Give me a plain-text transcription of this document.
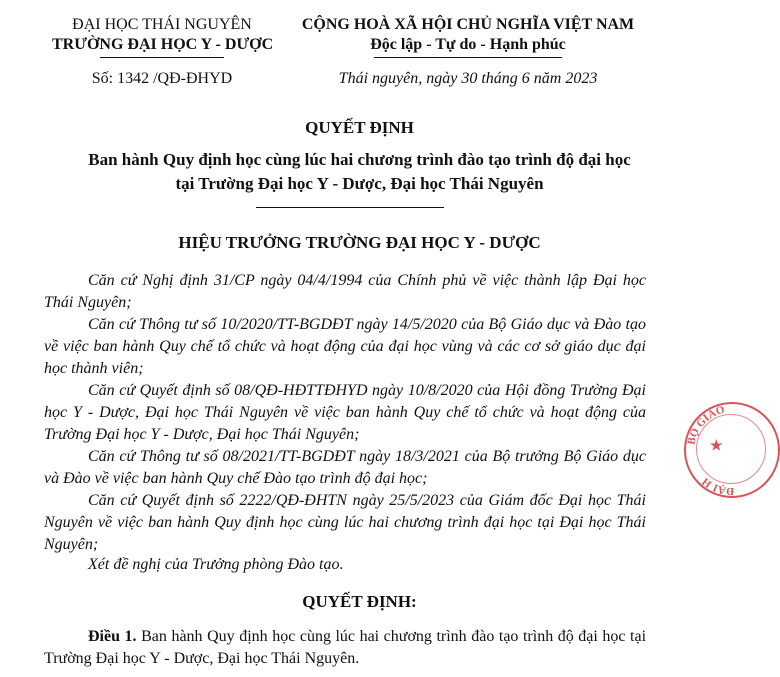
ĐẠI HỌC THÁI NGUYÊN
TRƯỜNG ĐẠI HỌC Y - DƯỢC
Số: 1342 /QĐ-ĐHYD
CỘNG HOÀ XÃ HỘI CHỦ NGHĨA VIỆT NAM
Độc lập - Tự do - Hạnh phúc
Thái nguyên, ngày 30 tháng 6 năm 2023
QUYẾT ĐỊNH
Ban hành Quy định học cùng lúc hai chương trình đào tạo trình độ đại học
tại Trường Đại học Y - Dược, Đại học Thái Nguyên
HIỆU TRƯỞNG TRƯỜNG ĐẠI HỌC Y - DƯỢC
Căn cứ Nghị định 31/CP ngày 04/4/1994 của Chính phủ về việc thành lập Đại học Thái Nguyên;
Căn cứ Thông tư số 10/2020/TT-BGDĐT ngày 14/5/2020 của Bộ Giáo dục và Đào tạo về việc ban hành Quy chế tổ chức và hoạt động của đại học vùng và các cơ sở giáo dục đại học thành viên;
Căn cứ Quyết định số 08/QĐ-HĐTTĐHYD ngày 10/8/2020 của Hội đồng Trường Đại học Y - Dược, Đại học Thái Nguyên về việc ban hành Quy chế tổ chức và hoạt động của Trường Đại học Y - Dược, Đại học Thái Nguyên;
Căn cứ Thông tư số 08/2021/TT-BGDĐT ngày 18/3/2021 của Bộ trưởng Bộ Giáo dục và Đào về việc ban hành Quy chế Đào tạo trình độ đại học;
Căn cứ Quyết định số 2222/QĐ-ĐHTN ngày 25/5/2023 của Giám đốc Đại học Thái Nguyên về việc ban hành Quy định học cùng lúc hai chương trình đại học tại Đại học Thái Nguyên;
Xét đề nghị của Trưởng phòng Đào tạo.
QUYẾT ĐỊNH:
Điều 1. Ban hành Quy định học cùng lúc hai chương trình đào tạo trình độ đại học tại Trường Đại học Y - Dược, Đại học Thái Nguyên.
BỘ GIÁO
ĐẠI H
★
